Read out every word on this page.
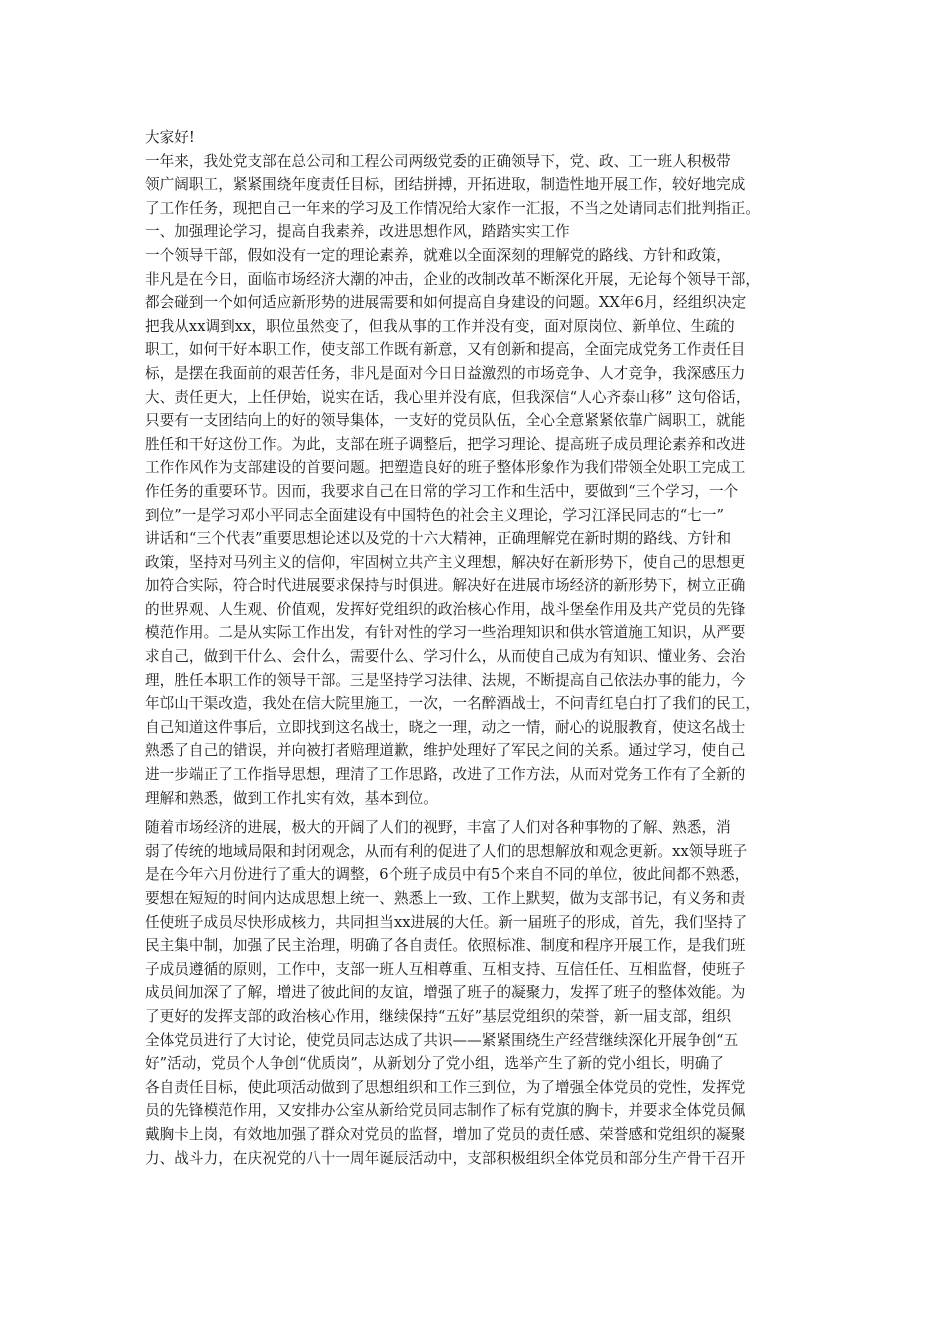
大家好!
一年来，我处党支部在总公司和工程公司两级党委的正确领导下，党、政、工一班人积极带
领广阔职工，紧紧围绕年度责任目标，团结拼搏，开拓进取，制造性地开展工作，较好地完成
了工作任务，现把自己一年来的学习及工作情况给大家作一汇报，不当之处请同志们批判指正。
一、加强理论学习，提高自我素养，改进思想作风，踏踏实实工作
一个领导干部，假如没有一定的理论素养，就难以全面深刻的理解党的路线、方针和政策，
非凡是在今日，面临市场经济大潮的冲击，企业的改制改革不断深化开展，无论每个领导干部，
都会碰到一个如何适应新形势的进展需要和如何提高自身建设的问题。XX年6月，经组织决定
把我从xx调到xx，职位虽然变了，但我从事的工作并没有变，面对原岗位、新单位、生疏的
职工，如何干好本职工作，使支部工作既有新意，又有创新和提高，全面完成党务工作责任目
标，是摆在我面前的艰苦任务，非凡是面对今日日益激烈的市场竞争、人才竞争，我深感压力
大、责任更大，上任伊始，说实在话，我心里并没有底，但我深信“人心齐泰山移” 这句俗话，
只要有一支团结向上的好的领导集体，一支好的党员队伍，全心全意紧紧依靠广阔职工，就能
胜任和干好这份工作。为此，支部在班子调整后，把学习理论、提高班子成员理论素养和改进
工作作风作为支部建设的首要问题。把塑造良好的班子整体形象作为我们带领全处职工完成工
作任务的重要环节。因而，我要求自己在日常的学习工作和生活中，要做到“三个学习，一个
到位”一是学习邓小平同志全面建设有中国特色的社会主义理论，学习江泽民同志的“七一”
讲话和“三个代表”重要思想论述以及党的十六大精神，正确理解党在新时期的路线、方针和
政策，坚持对马列主义的信仰，牢固树立共产主义理想，解决好在新形势下，使自己的思想更
加符合实际，符合时代进展要求保持与时俱进。解决好在进展市场经济的新形势下，树立正确
的世界观、人生观、价值观，发挥好党组织的政治核心作用，战斗堡垒作用及共产党员的先锋
模范作用。二是从实际工作出发，有针对性的学习一些治理知识和供水管道施工知识，从严要
求自己，做到干什么、会什么，需要什么、学习什么，从而使自己成为有知识、懂业务、会治
理，胜任本职工作的领导干部。三是坚持学习法律、法规，不断提高自己依法办事的能力，今
年邙山干渠改造，我处在信大院里施工，一次，一名醉酒战士，不问青红皂白打了我们的民工，
自己知道这件事后，立即找到这名战士，晓之一理，动之一情，耐心的说服教育，使这名战士
熟悉了自己的错误，并向被打者赔理道歉，维护处理好了军民之间的关系。通过学习，使自己
进一步端正了工作指导思想，理清了工作思路，改进了工作方法，从而对党务工作有了全新的
理解和熟悉，做到工作扎实有效，基本到位。
随着市场经济的进展，极大的开阔了人们的视野，丰富了人们对各种事物的了解、熟悉，消
弱了传统的地域局限和封闭观念，从而有利的促进了人们的思想解放和观念更新。xx领导班子
是在今年六月份进行了重大的调整，6个班子成员中有5个来自不同的单位，彼此间都不熟悉，
要想在短短的时间内达成思想上统一、熟悉上一致、工作上默契，做为支部书记，有义务和责
任使班子成员尽快形成核力，共同担当xx进展的大任。新一届班子的形成，首先，我们坚持了
民主集中制，加强了民主治理，明确了各自责任。依照标准、制度和程序开展工作，是我们班
子成员遵循的原则，工作中，支部一班人互相尊重、互相支持、互信任任、互相监督，使班子
成员间加深了了解，增进了彼此间的友谊，增强了班子的凝聚力，发挥了班子的整体效能。为
了更好的发挥支部的政治核心作用，继续保持“五好”基层党组织的荣誉，新一届支部，组织
全体党员进行了大讨论，使党员同志达成了共识——紧紧围绕生产经营继续深化开展争创“五
好”活动，党员个人争创“优质岗”，从新划分了党小组，选举产生了新的党小组长，明确了
各自责任目标，使此项活动做到了思想组织和工作三到位，为了增强全体党员的党性，发挥党
员的先锋模范作用，又安排办公室从新给党员同志制作了标有党旗的胸卡，并要求全体党员佩
戴胸卡上岗，有效地加强了群众对党员的监督，增加了党员的责任感、荣誉感和党组织的凝聚
力、战斗力，在庆祝党的八十一周年诞辰活动中，支部积极组织全体党员和部分生产骨干召开
